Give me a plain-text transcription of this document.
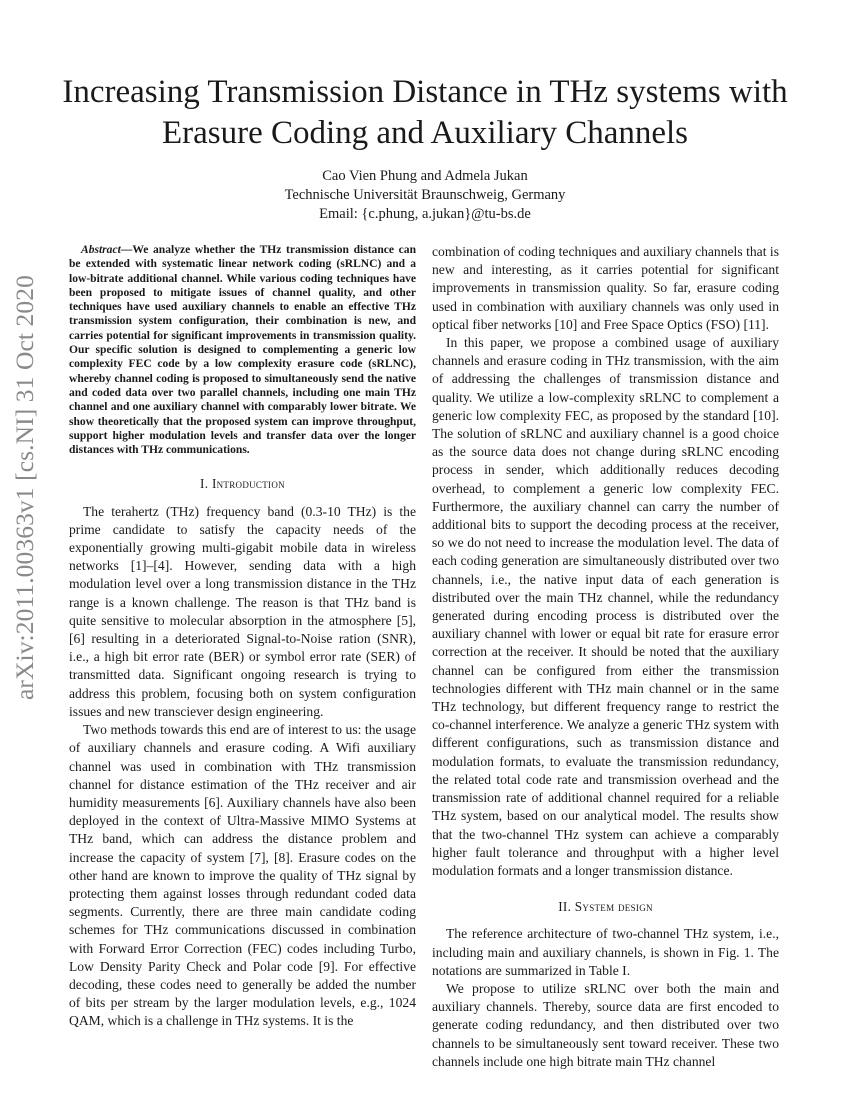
arXiv:2011.00363v1 [cs.NI] 31 Oct 2020
Increasing Transmission Distance in THz systems with Erasure Coding and Auxiliary Channels
Cao Vien Phung and Admela Jukan
Technische Universität Braunschweig, Germany
Email: {c.phung, a.jukan}@tu-bs.de

Abstract—We analyze whether the THz transmission distance can be extended with systematic linear network coding (sRLNC) and a low-bitrate additional channel. While various coding techniques have been proposed to mitigate issues of channel quality, and other techniques have used auxiliary channels to enable an effective THz transmission system configuration, their combination is new, and carries potential for significant improvements in transmission quality. Our specific solution is designed to complementing a generic low complexity FEC code by a low complexity erasure code (sRLNC), whereby channel coding is proposed to simultaneously send the native and coded data over two parallel channels, including one main THz channel and one auxiliary channel with comparably lower bitrate. We show theoretically that the proposed system can improve throughput, support higher modulation levels and transfer data over the longer distances with THz communications.

I. Introduction

The terahertz (THz) frequency band (0.3-10 THz) is the prime candidate to satisfy the capacity needs of the exponentially growing multi-gigabit mobile data in wireless networks [1]–[4]. However, sending data with a high modulation level over a long transmission distance in the THz range is a known challenge. The reason is that THz band is quite sensitive to molecular absorption in the atmosphere [5], [6] resulting in a deteriorated Signal-to-Noise ration (SNR), i.e., a high bit error rate (BER) or symbol error rate (SER) of transmitted data. Significant ongoing research is trying to address this problem, focusing both on system configuration issues and new transciever design engineering.

Two methods towards this end are of interest to us: the usage of auxiliary channels and erasure coding. A Wifi auxiliary channel was used in combination with THz transmission channel for distance estimation of the THz receiver and air humidity measurements [6]. Auxiliary channels have also been deployed in the context of Ultra-Massive MIMO Systems at THz band, which can address the distance problem and increase the capacity of system [7], [8]. Erasure codes on the other hand are known to improve the quality of THz signal by protecting them against losses through redundant coded data segments. Currently, there are three main candidate coding schemes for THz communications discussed in combination with Forward Error Correction (FEC) codes including Turbo, Low Density Parity Check and Polar code [9]. For effective decoding, these codes need to generally be added the number of bits per stream by the larger modulation levels, e.g., 1024 QAM, which is a challenge in THz systems. It is the

combination of coding techniques and auxiliary channels that is new and interesting, as it carries potential for significant improvements in transmission quality. So far, erasure coding used in combination with auxiliary channels was only used in optical fiber networks [10] and Free Space Optics (FSO) [11].

In this paper, we propose a combined usage of auxiliary channels and erasure coding in THz transmission, with the aim of addressing the challenges of transmission distance and quality. We utilize a low-complexity sRLNC to complement a generic low complexity FEC, as proposed by the standard [10]. The solution of sRLNC and auxiliary channel is a good choice as the source data does not change during sRLNC encoding process in sender, which additionally reduces decoding overhead, to complement a generic low complexity FEC. Furthermore, the auxiliary channel can carry the number of additional bits to support the decoding process at the receiver, so we do not need to increase the modulation level. The data of each coding generation are simultaneously distributed over two channels, i.e., the native input data of each generation is distributed over the main THz channel, while the redundancy generated during encoding process is distributed over the auxiliary channel with lower or equal bit rate for erasure error correction at the receiver. It should be noted that the auxiliary channel can be configured from either the transmission technologies different with THz main channel or in the same THz technology, but different frequency range to restrict the co-channel interference. We analyze a generic THz system with different configurations, such as transmission distance and modulation formats, to evaluate the transmission redundancy, the related total code rate and transmission overhead and the transmission rate of additional channel required for a reliable THz system, based on our analytical model. The results show that the two-channel THz system can achieve a comparably higher fault tolerance and throughput with a higher level modulation formats and a longer transmission distance.

II. System design

The reference architecture of two-channel THz system, i.e., including main and auxiliary channels, is shown in Fig. 1. The notations are summarized in Table I.

We propose to utilize sRLNC over both the main and auxiliary channels. Thereby, source data are first encoded to generate coding redundancy, and then distributed over two channels to be simultaneously sent toward receiver. These two channels include one high bitrate main THz channel
